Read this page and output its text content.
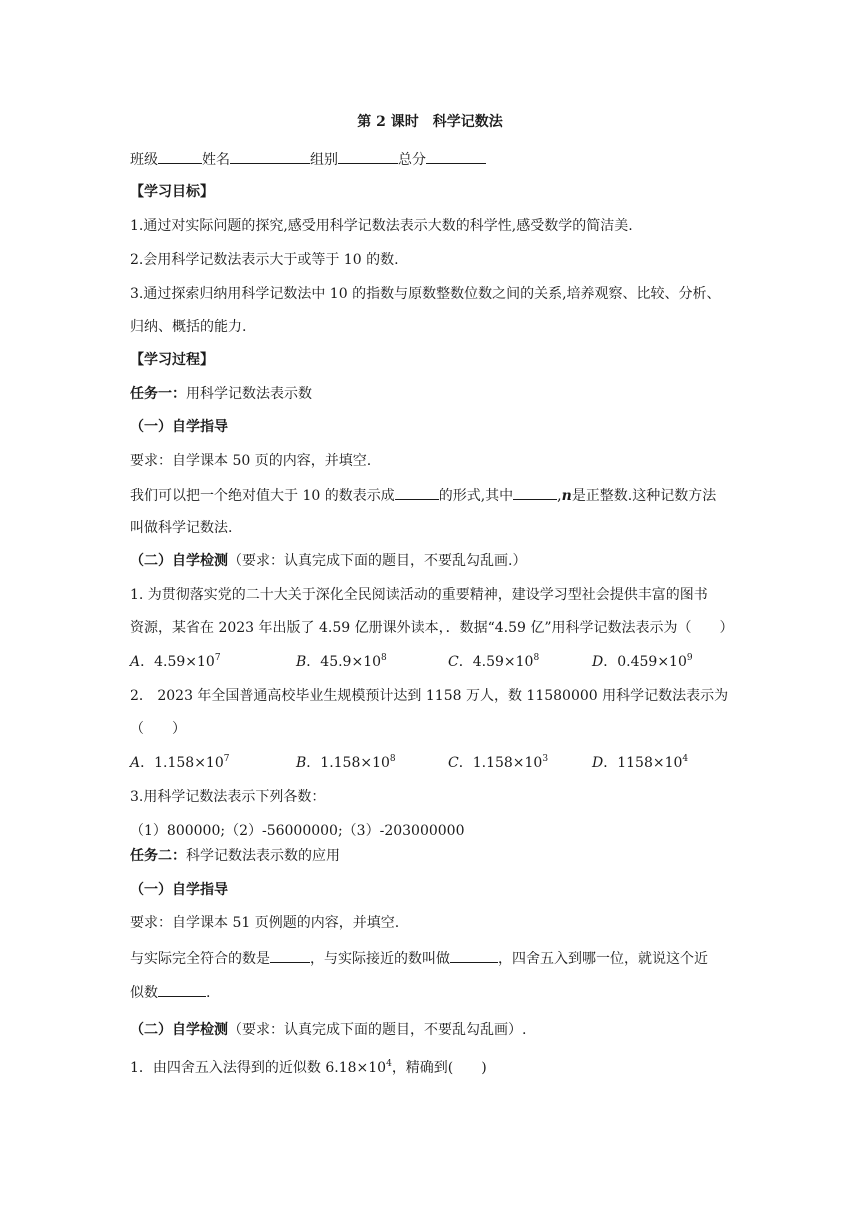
第 2 课时　科学记数法
班级	姓名	组别	总分
【学习目标】
1.通过对实际问题的探究,感受用科学记数法表示大数的科学性,感受数学的简洁美.
2.会用科学记数法表示大于或等于 10 的数.
3.通过探索归纳用科学记数法中 10 的指数与原数整数位数之间的关系,培养观察、比较、分析、
归纳、概括的能力.
【学习过程】
任务一：用科学记数法表示数
（一）自学指导
要求：自学课本 50 页的内容，并填空.
我们可以把一个绝对值大于 10 的数表示成	的形式,其中	,n是正整数.这种记数方法
叫做科学记数法.
（二）自学检测（要求：认真完成下面的题目，不要乱勾乱画.）
1. 为贯彻落实党的二十大关于深化全民阅读活动的重要精神，建设学习型社会提供丰富的图书
资源，某省在 2023 年出版了 4.59 亿册课外读本，．数据“4.59 亿”用科学记数法表示为（　　）
A．$4.59\times 10^7$	B．$45.9\times 10^8$	C．$4.59\times 10^8$	D．$0.459\times 10^9$
2． 2023 年全国普通高校毕业生规模预计达到 1158 万人，数 11580000 用科学记数法表示为
（　　）
A．$1.158\times 10^7$	B．$1.158\times 10^8$	C．$1.158\times 10^3$	D．$1158\times 10^4$
3.用科学记数法表示下列各数：
（1）800000;（2）-56000000;（3）-203000000
任务二：科学记数法表示数的应用
（一）自学指导
要求：自学课本 51 页例题的内容，并填空.
与实际完全符合的数是	，与实际接近的数叫做	，四舍五入到哪一位，就说这个近
似数	.
（二）自学检测（要求：认真完成下面的题目，不要乱勾乱画）.
1．由四舍五入法得到的近似数 $6.18\times 10^4$，精确到(　　)
